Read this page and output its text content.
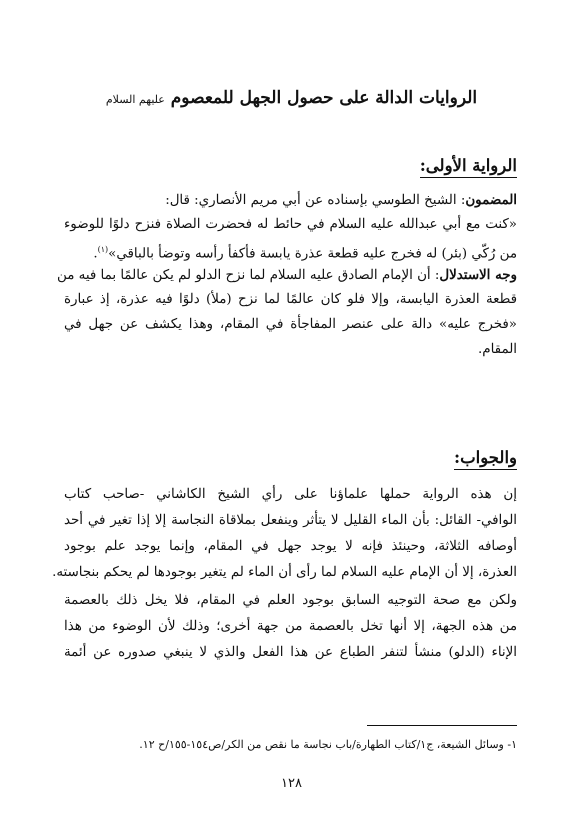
الروايات الدالة على حصول الجهل للمعصوم عليهم السلام
الرواية الأولى:
المضمون: الشيخ الطوسي بإسناده عن أبي مريم الأنصاري: قال:
«كنت مع أبي عبدالله عليه السلام في حائط له فحضرت الصلاة فنزح دلوًا للوضوء
من رُكّي (بئر) له فخرج عليه قطعة عذرة يابسة فأكفأ رأسه وتوضأ بالباقي»$^{(١)}$.
وجه الاستدلال: أن الإمام الصادق عليه السلام لما نزح الدلو لم يكن عالمًا بما فيه من
قطعة العذرة اليابسة، وإلا فلو كان عالمًا لما نزح (ملأ) دلوًا فيه عذرة، إذ عبارة
«فخرج عليه» دالة على عنصر المفاجأة في المقام، وهذا يكشف عن جهل في
المقام.
والجواب:
إن هذه الرواية حملها علماؤنا على رأي الشيخ الكاشاني -صاحب كتاب
الوافي- القائل: بأن الماء القليل لا يتأثر وينفعل بملاقاة النجاسة إلا إذا تغير في أحد
أوصافه الثلاثة، وحينئذ فإنه لا يوجد جهل في المقام، وإنما يوجد علم بوجود
العذرة، إلا أن الإمام عليه السلام لما رأى أن الماء لم يتغير بوجودها لم يحكم بنجاسته.
ولكن مع صحة التوجيه السابق بوجود العلم في المقام، فلا يخل ذلك بالعصمة
من هذه الجهة، إلا أنها تخل بالعصمة من جهة أخرى؛ وذلك لأن الوضوء من هذا
الإناء (الدلو) منشأ لتنفر الطباع عن هذا الفعل والذي لا ينبغي صدوره عن أئمة
١- وسائل الشيعة، ج١/كتاب الطهارة/باب نجاسة ما نقص من الكر/ص١٥٤-١٥٥/ح ١٢.
١٢٨
